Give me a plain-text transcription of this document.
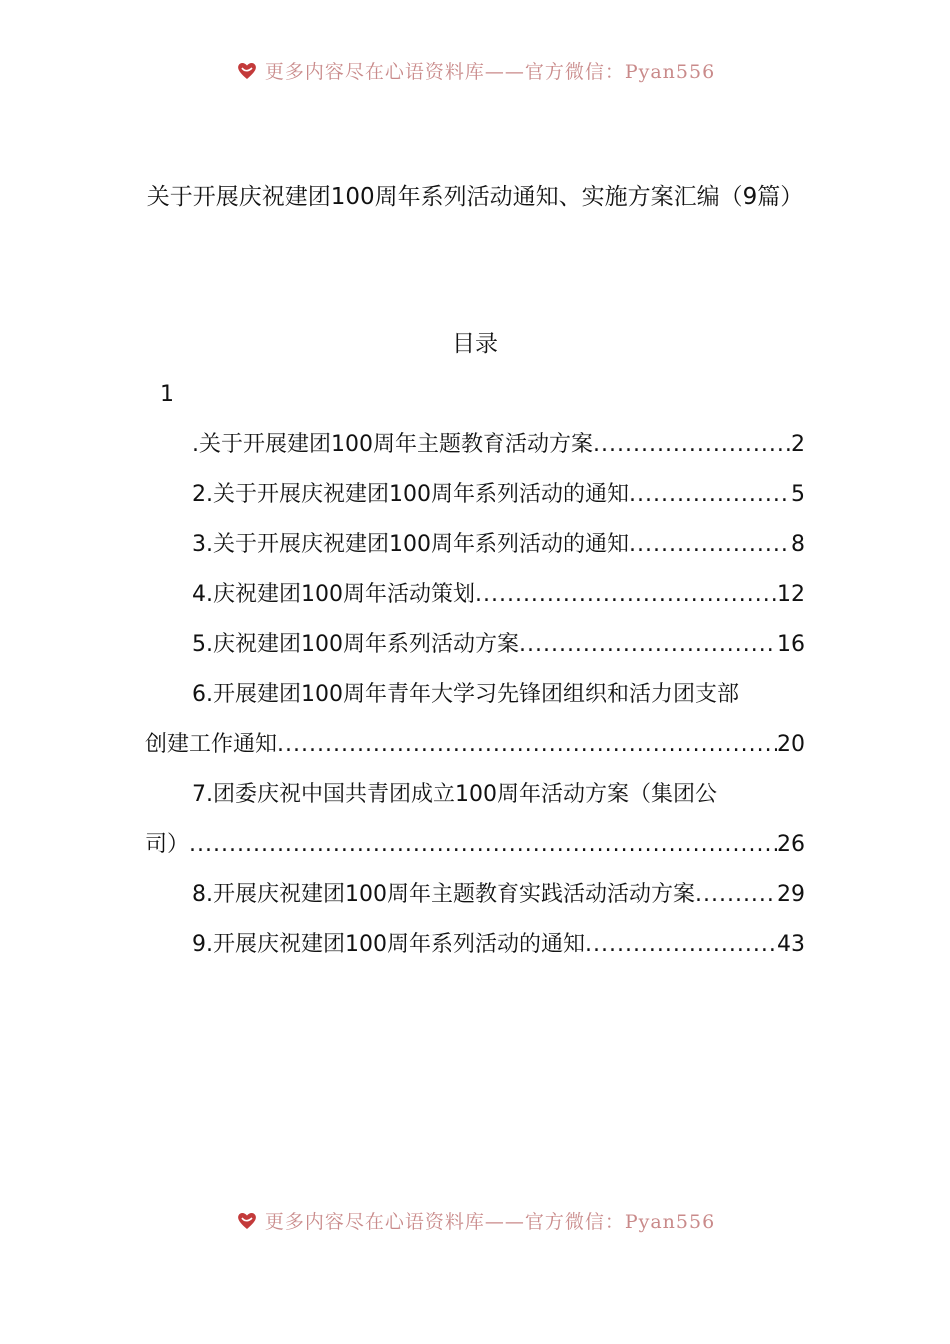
更多内容尽在心语资料库——官方微信：Pyan556
关于开展庆祝建团100周年系列活动通知、实施方案汇编（9篇）
目录
1
.关于开展建团100周年主题教育活动方案 .....	2
2.关于开展庆祝建团100周年系列活动的通知 .....	5
3.关于开展庆祝建团100周年系列活动的通知 .....	8
4.庆祝建团100周年活动策划 .....	12
5.庆祝建团100周年系列活动方案 .....	16
6.开展建团100周年青年大学习先锋团组织和活力团支部
创建工作通知 .....	20
7.团委庆祝中国共青团成立100周年活动方案（集团公
司） .....	26
8.开展庆祝建团100周年主题教育实践活动活动方案 .....	29
9.开展庆祝建团100周年系列活动的通知 .....	43
更多内容尽在心语资料库——官方微信：Pyan556
